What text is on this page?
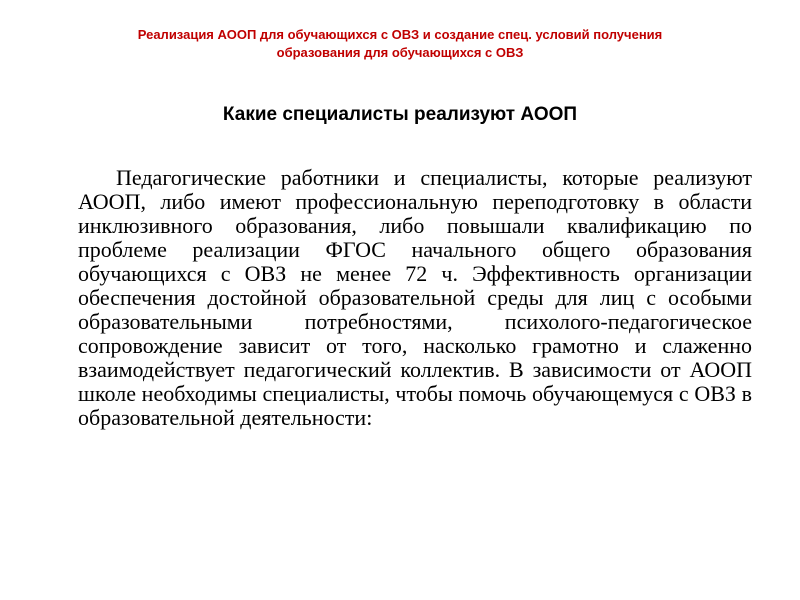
Реализация АООП для обучающихся с ОВЗ и создание спец. условий получения
образования для обучающихся с ОВЗ
Какие специалисты реализуют АООП

Педагогические работники и специалисты, которые реализуют АООП, либо имеют профессиональную переподготовку в области инклюзивного образования, либо повышали квалификацию по проблеме реализации ФГОС начального общего образования обучающихся с ОВЗ не менее 72 ч. Эффективность организации обеспечения достойной образовательной среды для лиц с особыми образовательными потребностями, психолого-педагогическое сопровождение зависит от того, насколько грамотно и слаженно взаимодействует педагогический коллектив. В зависимости от АООП школе необходимы специалисты, чтобы помочь обучающемуся с ОВЗ в образовательной деятельности:
